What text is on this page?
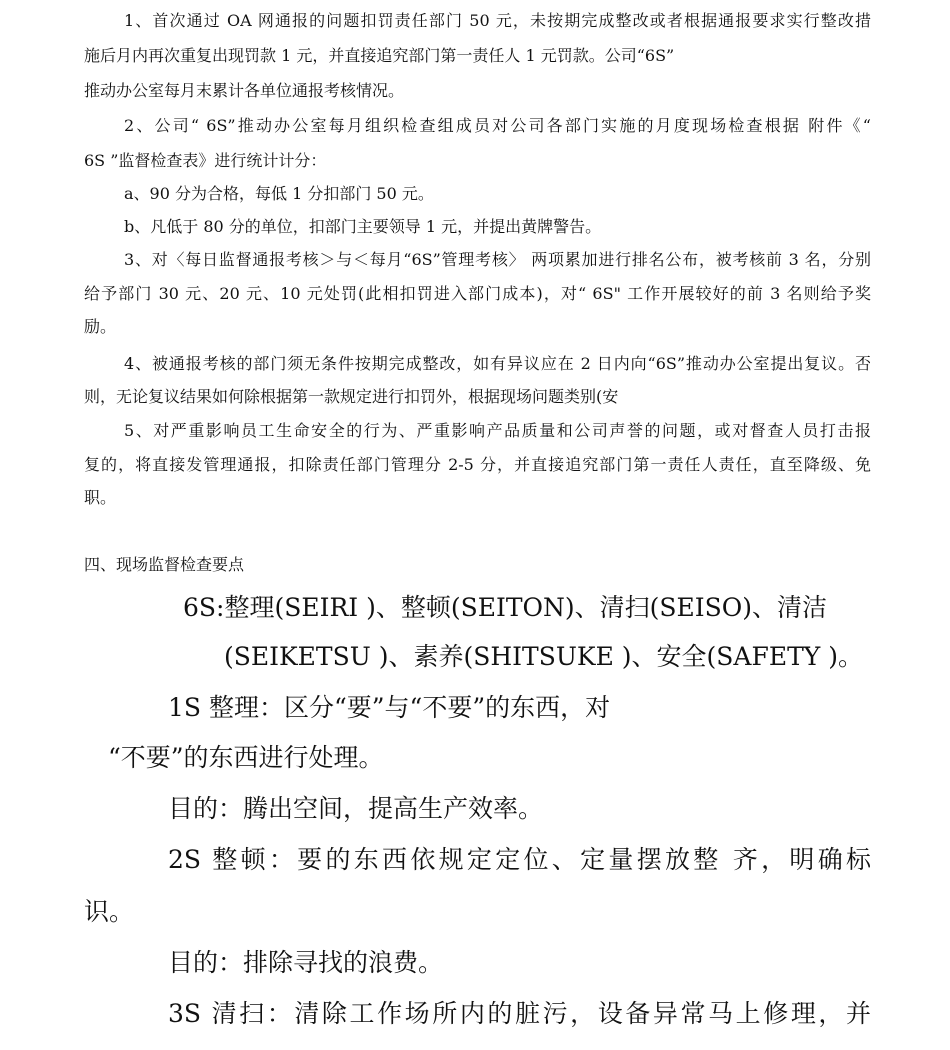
1、首次通过 OA 网通报的问题扣罚责任部门 50 元，未按期完成整改或者根据通报要求实行整改措
施后月内再次重复出现罚款 1 元，并直接追究部门第一责任人 1 元罚款。公司“6S”
推动办公室每月末累计各单位通报考核情况。
2、公司“ 6S”推动办公室每月组织检查组成员对公司各部门实施的月度现场检查根据 附件《“
6S ”监督检查表》进行统计计分：
a、90 分为合格，每低 1 分扣部门 50 元。
b、凡低于 80 分的单位，扣部门主要领导 1 元，并提出黄牌警告。
3、对〈每日监督通报考核＞与＜每月“6S”管理考核〉 两项累加进行排名公布，被考核前 3 名，分别
给予部门 30 元、20 元、10 元处罚(此相扣罚进入部门成本)，对“ 6S" 工作开展较好的前 3 名则给予奖
励。
4、被通报考核的部门须无条件按期完成整改，如有异议应在 2 日内向“6S”推动办公室提出复议。否
则，无论复议结果如何除根据第一款规定进行扣罚外，根据现场问题类别(安
5、对严重影响员工生命安全的行为、严重影响产品质量和公司声誉的问题，或对督查人员打击报
复的，将直接发管理通报，扣除责任部门管理分 2-5 分，并直接追究部门第一责任人责任，直至降级、免
职。
四、现场监督检查要点
6S:整理(SEIRI )、整顿(SEITON)、清扫(SEISO)、清洁
(SEIKETSU )、素养(SHITSUKE )、安全(SAFETY )。
1S 整理：区分“要”与“不要”的东西，对
“不要”的东西进行处理。
目的：腾出空间，提高生产效率。
2S 整顿：要的东西依规定定位、定量摆放整 齐，明确标
识。
目的：排除寻找的浪费。
3S 清扫：清除工作场所内的脏污，设备异常马上修理，并
